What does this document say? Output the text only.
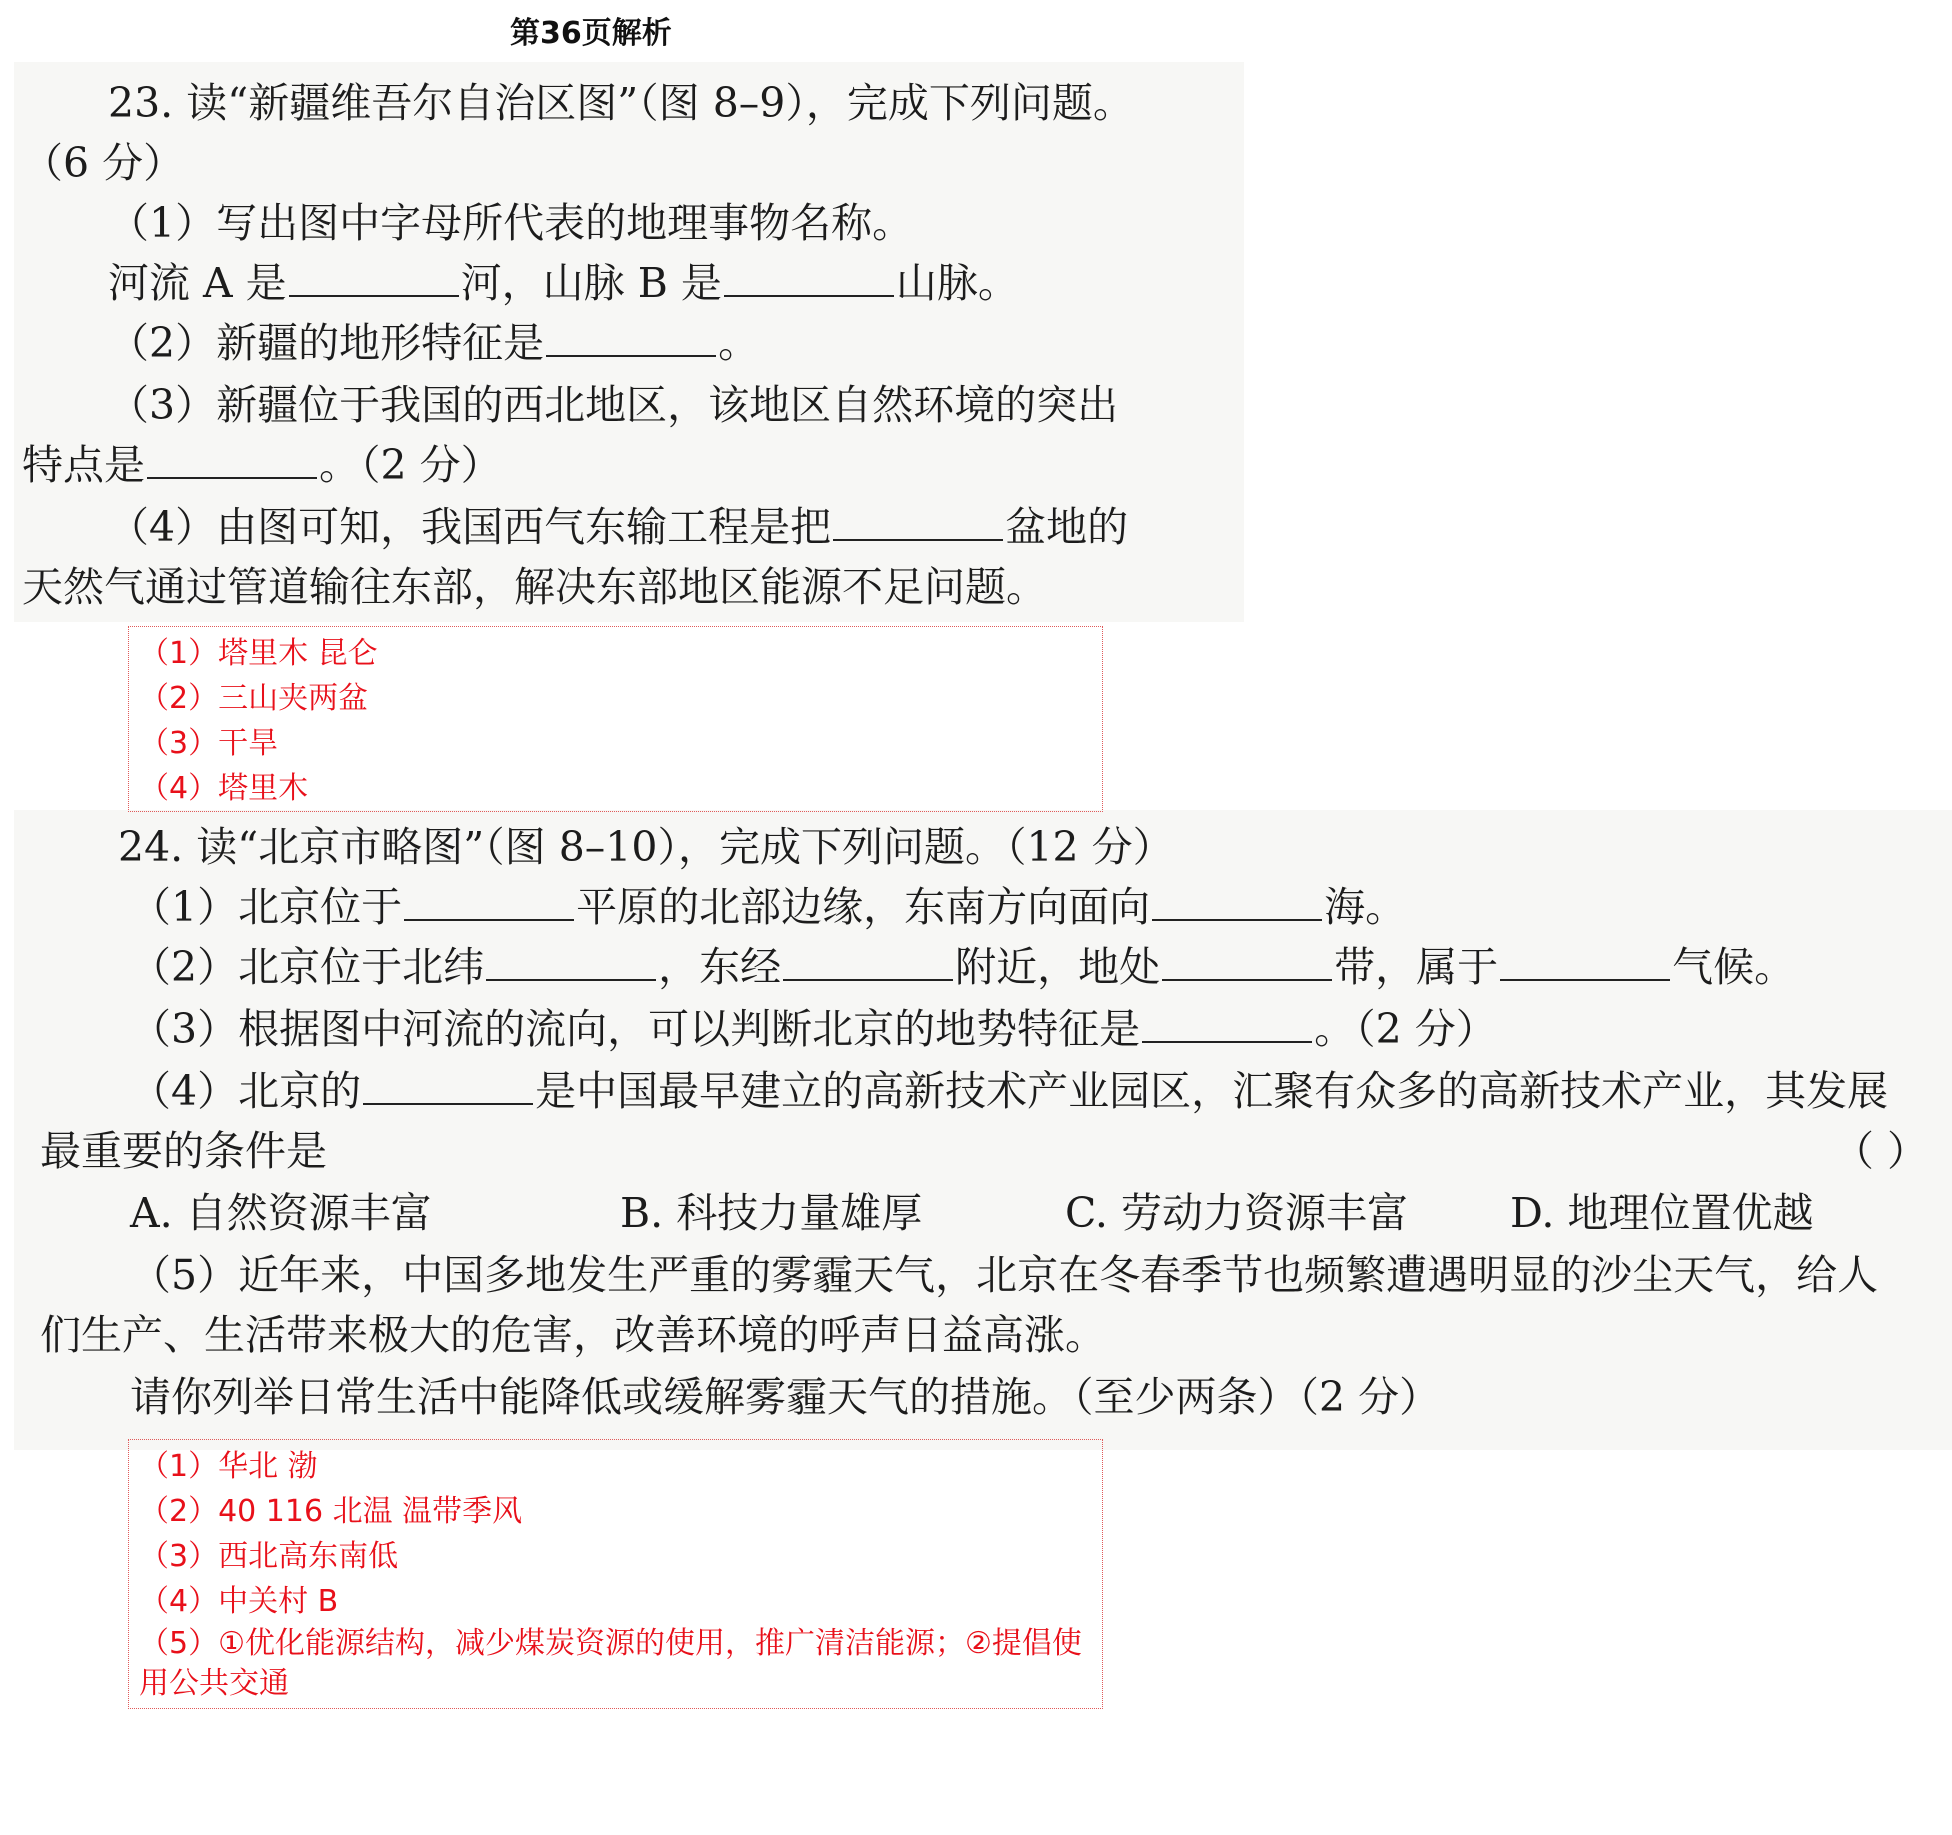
第36页解析
23. 读“新疆维吾尔自治区图”（图 8–9），完成下列问题。
（6 分）
（1）写出图中字母所代表的地理事物名称。
河流 A 是	河，山脉 B 是	山脉。
（2）新疆的地形特征是	。
（3）新疆位于我国的西北地区，该地区自然环境的突出
特点是	。（2 分）
（4）由图可知，我国西气东输工程是把	盆地的
天然气通过管道输往东部，解决东部地区能源不足问题。
（1）塔里木 昆仑
（2）三山夹两盆
（3）干旱
（4）塔里木
24. 读“北京市略图”（图 8–10），完成下列问题。（12 分）
（1）北京位于	平原的北部边缘，东南方向面向	海。
（2）北京位于北纬	，东经	附近，地处	带，属于	气候。
（3）根据图中河流的流向，可以判断北京的地势特征是	。（2 分）
（4）北京的	是中国最早建立的高新技术产业园区，汇聚有众多的高新技术产业，其发展
最重要的条件是	（ ）
A. 自然资源丰富	B. 科技力量雄厚	C. 劳动力资源丰富 D. 地理位置优越
（5）近年来，中国多地发生严重的雾霾天气，北京在冬春季节也频繁遭遇明显的沙尘天气，给人
们生产、生活带来极大的危害，改善环境的呼声日益高涨。
请你列举日常生活中能降低或缓解雾霾天气的措施。（至少两条）（2 分）
（1）华北 渤
（2）40 116 北温 温带季风
（3）西北高东南低
（4）中关村 B
（5）①优化能源结构，减少煤炭资源的使用，推广清洁能源；②提倡使用公共交通
